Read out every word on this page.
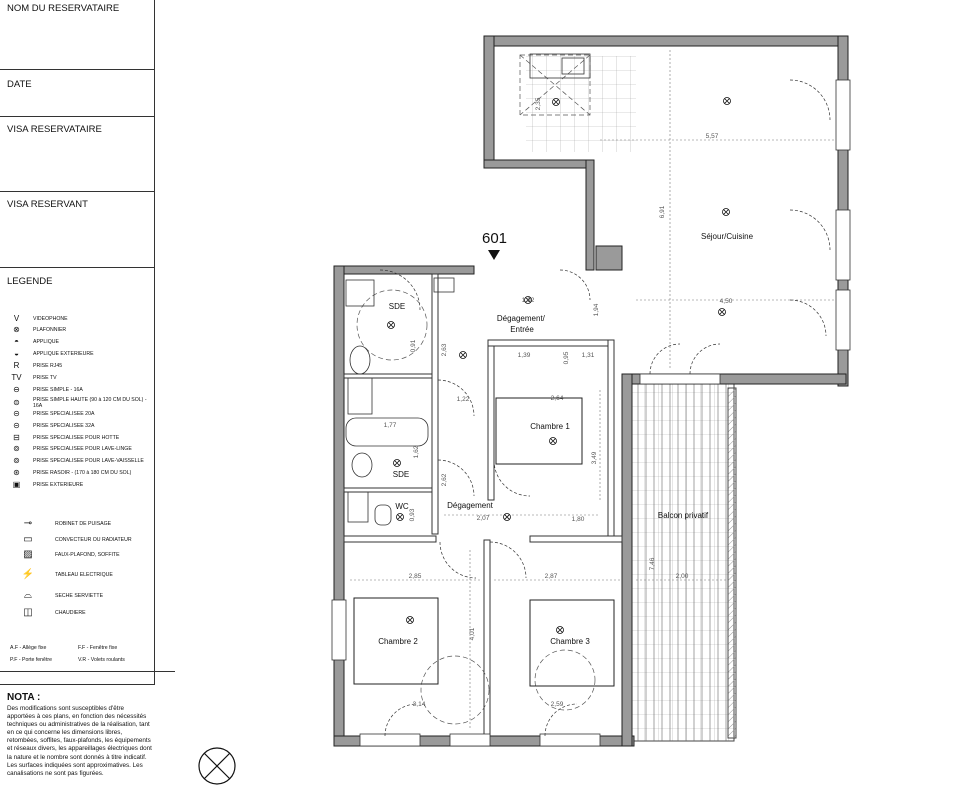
NOM DU RESERVATAIRE
DATE
VISA RESERVATAIRE
VISA RESERVANT
LEGENDE
V	VIDEOPHONE
⊗	PLAFONNIER
◓	APPLIQUE
◒	APPLIQUE EXTERIEURE
R	PRISE RJ45
TV PRISE TV
⊖	PRISE SIMPLE - 16A
⊜	PRISE SIMPLE HAUTE (90 à 120 CM DU SOL) - 16A
⊝	PRISE SPECIALISEE 20A
⊝	PRISE SPECIALISEE 32A
⊟	PRISE SPECIALISEE POUR HOTTE
⊚	PRISE SPECIALISEE POUR LAVE-LINGE
⊚	PRISE SPECIALISEE POUR LAVE-VAISSELLE
⊛	PRISE RASOIR - (170 à 180 CM DU SOL)
▣	PRISE EXTERIEURE
⊸	ROBINET DE PUISAGE
▭	CONVECTEUR OU RADIATEUR
▨	FAUX-PLAFOND, SOFFITE
⚡	TABLEAU ELECTRIQUE
⌓	SECHE SERVIETTE
◫	CHAUDIERE
A.F - Allège fixe	F.F - Fenêtre fixe
P.F - Porte fenêtre	V.R - Volets roulants
NOTA :
Des modifications sont susceptibles d'être apportées à ces plans, en fonction des nécessités techniques ou administratives de la réalisation, tant en ce qui concerne les dimensions libres, retombées, soffites, faux-plafonds, les équipements et réseaux divers, les appareillages électriques dont la nature et le nombre sont donnés à titre indicatif. Les surfaces indiquées sont approximatives. Les canalisations ne sont pas figurées.
Séjour/Cuisine
Dégagement/ Entrée
Chambre 1
SDE
SDE
WC	Dégagement
Balcon privatif
Chambre 2	Chambre 3
2,35
5,57
6,91
4,50
1,92
1,94
2,63	1,39	0,95 1,31
2,64
3,49
1,22
1,77
1,62
2,62
0,93	2,07	1,80
2,85	2,87
7,46
2,00
4,01
3,14	2,59
0,91
601
